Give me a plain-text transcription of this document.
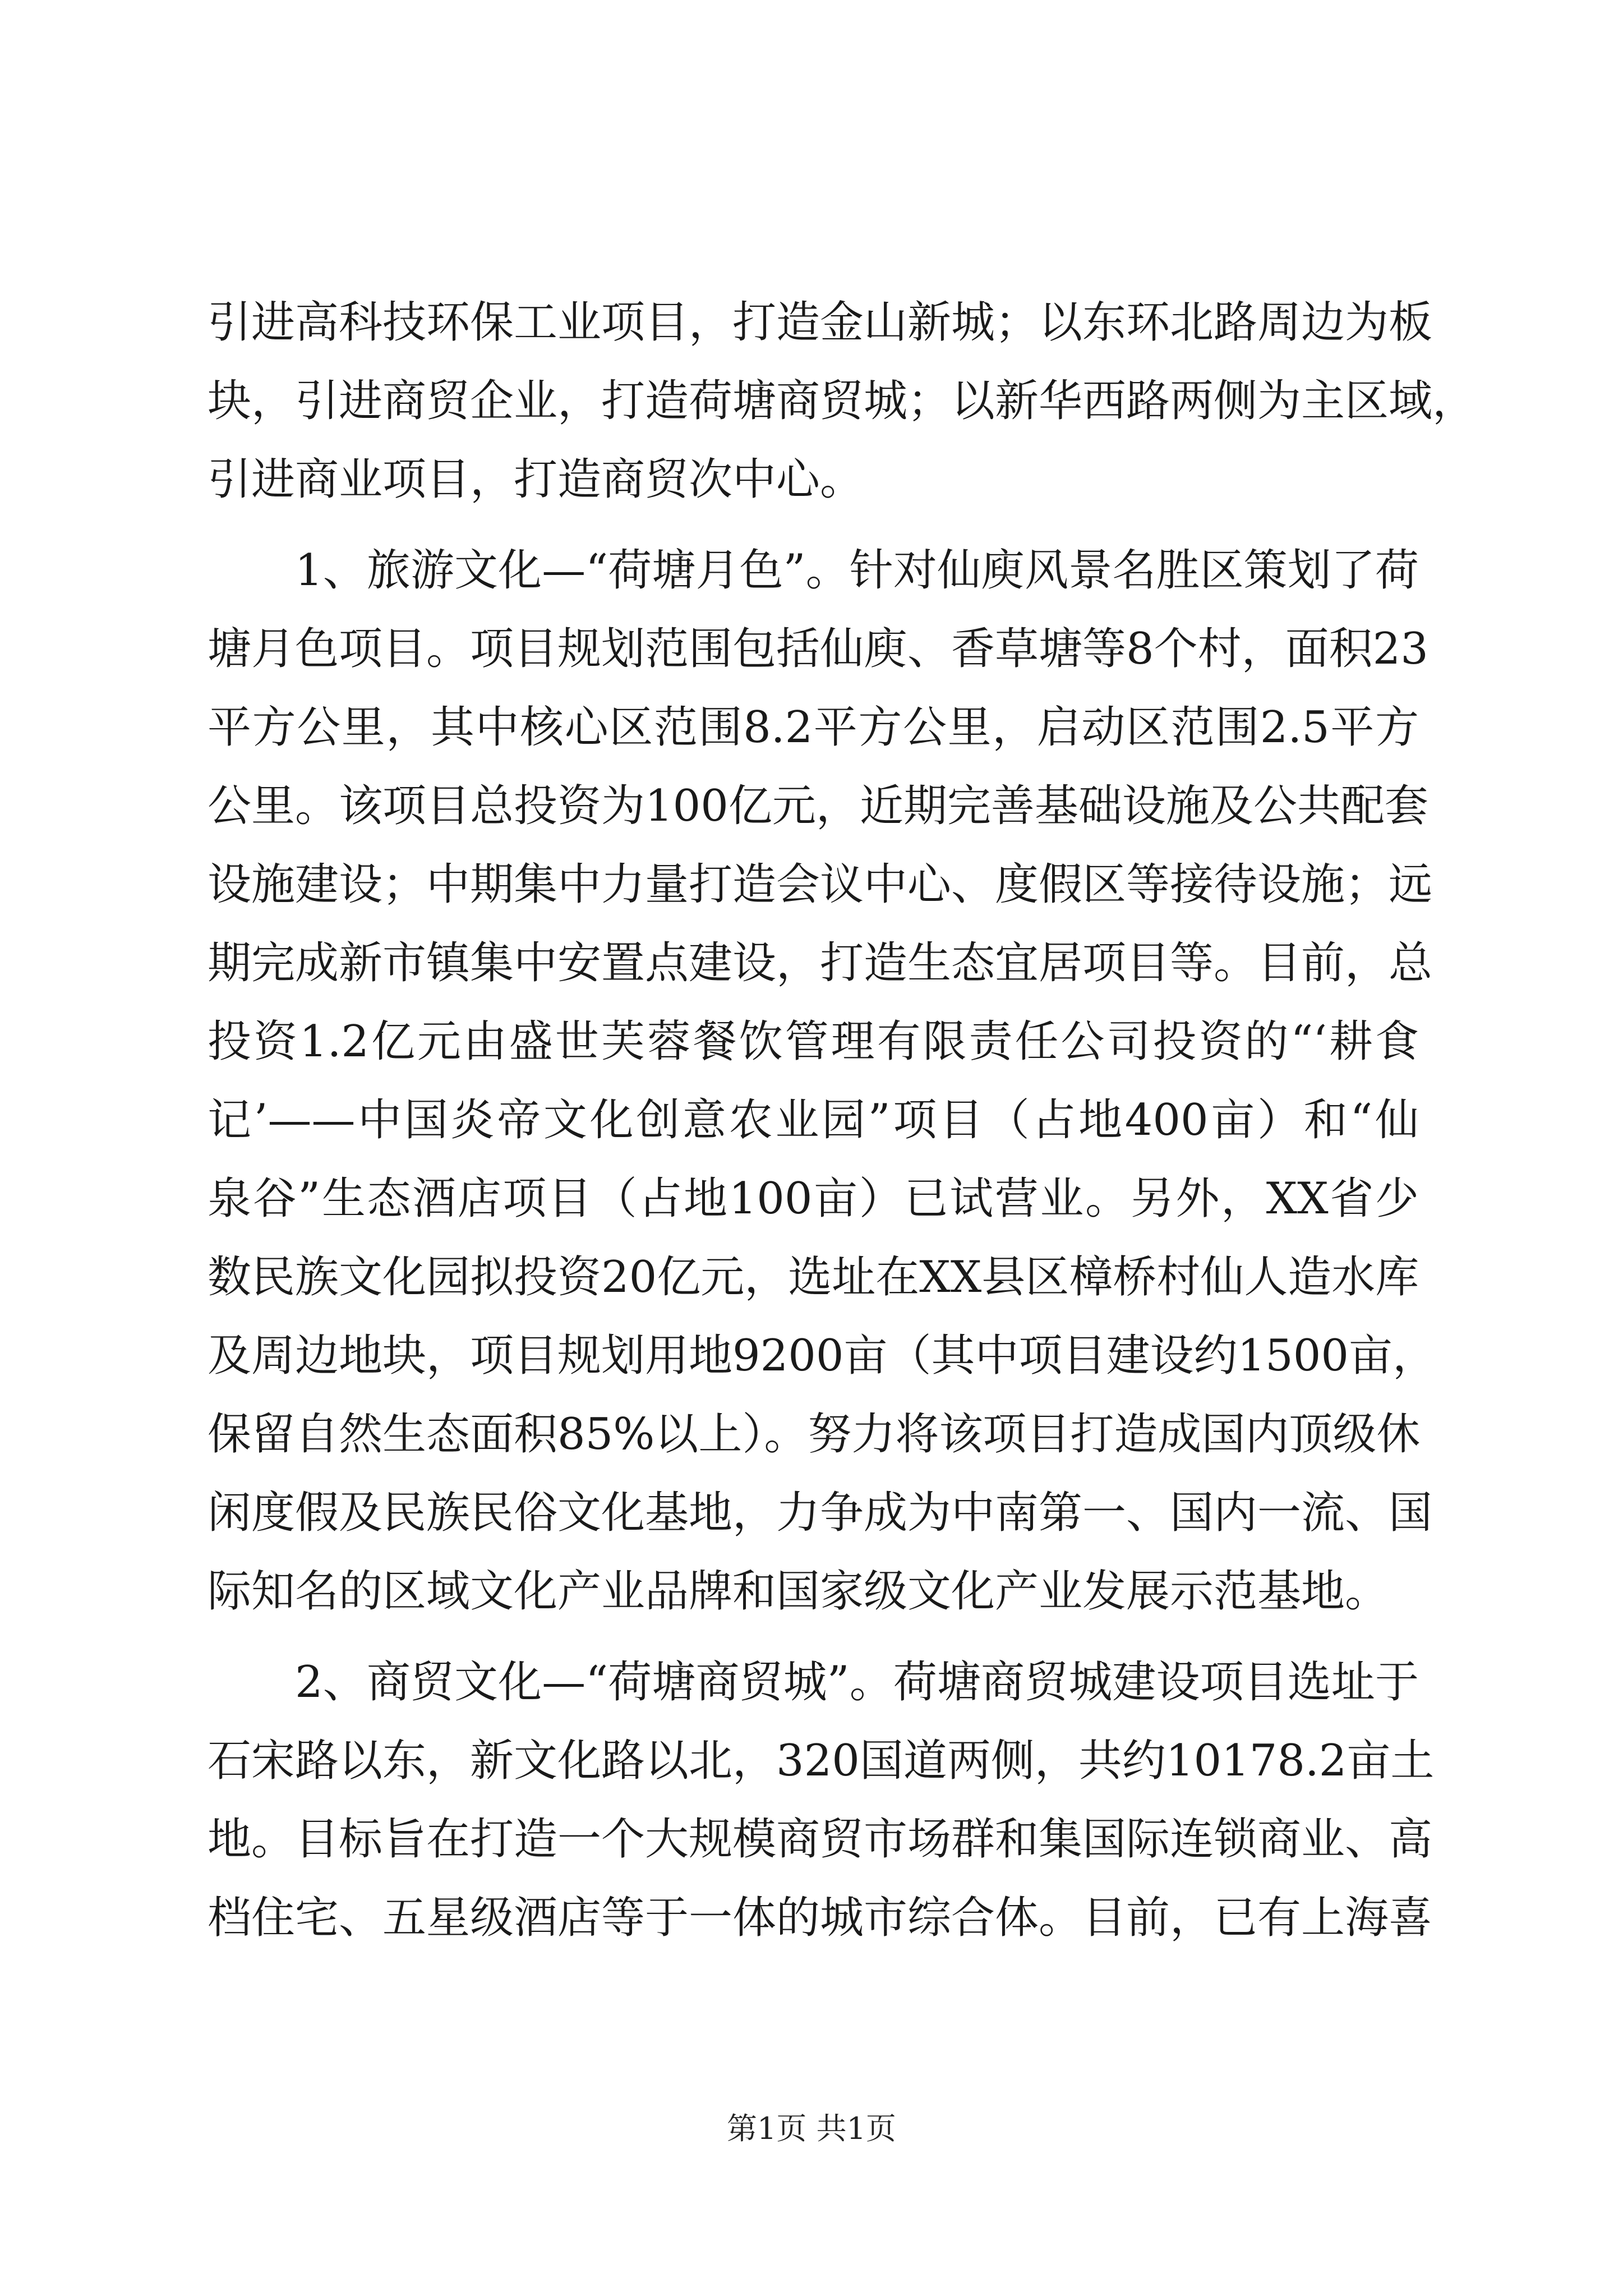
引进高科技环保工业项目，打造金山新城；以东环北路周边为板
块，引进商贸企业，打造荷塘商贸城；以新华西路两侧为主区域，
引进商业项目，打造商贸次中心。
1、旅游文化—“荷塘月色”。针对仙庾风景名胜区策划了荷
塘月色项目。项目规划范围包括仙庾、香草塘等8个村，面积23
平方公里，其中核心区范围8.2平方公里，启动区范围2.5平方
公里。该项目总投资为100亿元，近期完善基础设施及公共配套
设施建设；中期集中力量打造会议中心、度假区等接待设施；远
期完成新市镇集中安置点建设，打造生态宜居项目等。目前，总
投资1.2亿元由盛世芙蓉餐饮管理有限责任公司投资的“‘耕食
记’——中国炎帝文化创意农业园”项目（占地400亩）和“仙
泉谷”生态酒店项目（占地100亩）已试营业。另外，XX省少
数民族文化园拟投资20亿元，选址在XX县区樟桥村仙人造水库
及周边地块，项目规划用地9200亩（其中项目建设约1500亩，
保留自然生态面积85%以上）。努力将该项目打造成国内顶级休
闲度假及民族民俗文化基地，力争成为中南第一、国内一流、国
际知名的区域文化产业品牌和国家级文化产业发展示范基地。
2、商贸文化—“荷塘商贸城”。荷塘商贸城建设项目选址于
石宋路以东，新文化路以北，320国道两侧，共约10178.2亩土
地。目标旨在打造一个大规模商贸市场群和集国际连锁商业、高
档住宅、五星级酒店等于一体的城市综合体。目前，已有上海喜
第1页 共1页
